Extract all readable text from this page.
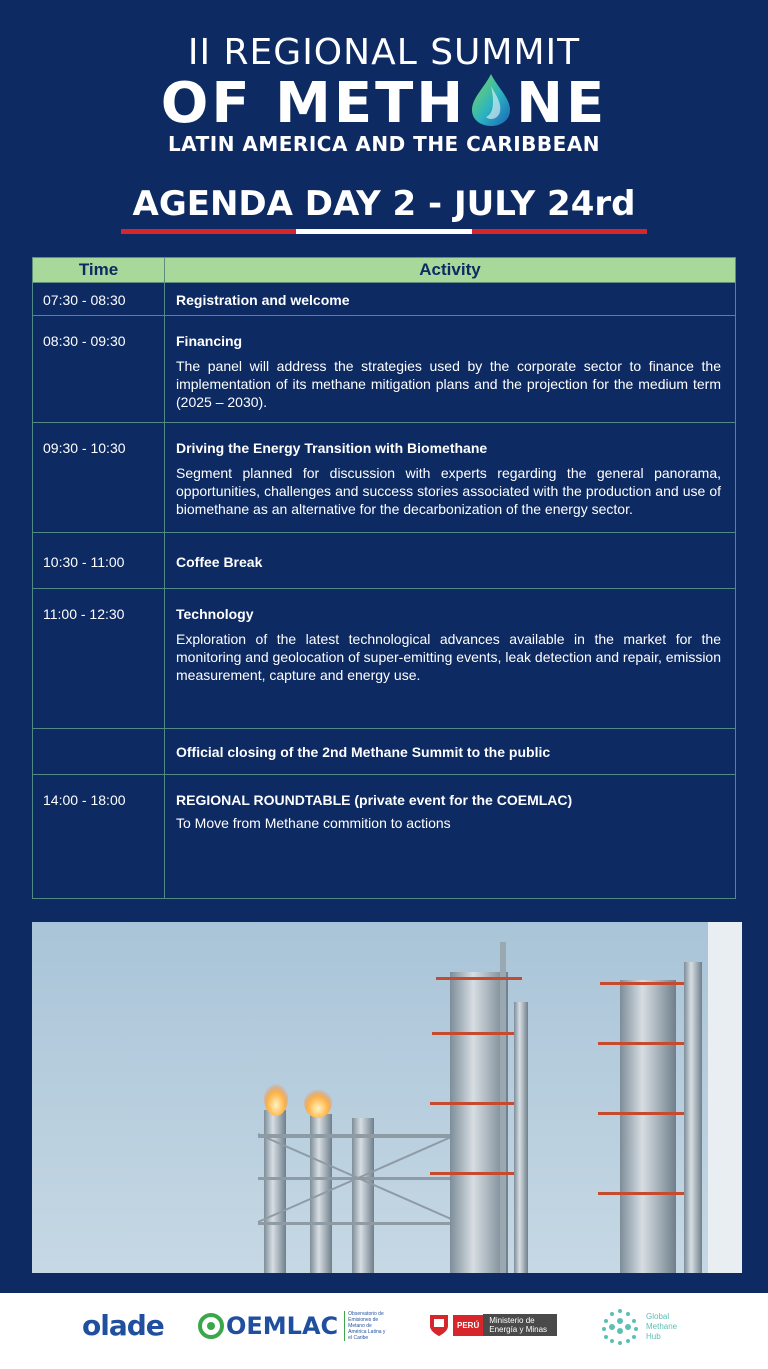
II REGIONAL SUMMIT
OF METH NE
LATIN AMERICA AND THE CARIBBEAN
AGENDA DAY 2 - JULY 24rd
Time	Activity
07:30 - 08:30	Registration and welcome

08:30 - 09:30	Financing
The panel will address the strategies used by the corporate sector to finance the implementation of its methane mitigation plans and the projection for the medium term (2025 – 2030).

09:30 - 10:30	Driving the Energy Transition with Biomethane
Segment planned for discussion with experts regarding the general panorama, opportunities, challenges and success stories associated with the production and use of biomethane as an alternative for the decarbonization of the energy sector.

10:30 - 11:00	Coffee Break

11:00 - 12:30	Technology
Exploration of the latest technological advances available in the market for the monitoring and geolocation of super-emitting events, leak detection and repair, emission measurement, capture and energy use.

	Official closing of the 2nd Methane Summit to the public

14:00 - 18:00	REGIONAL ROUNDTABLE (private event for the COEMLAC)
To Move from Methane commition to actions
olade	OEMLAC	Observatorio de Emisiones de Metano de América Latina y el Caribe
PERÚ	Ministerio de Energía y Minas
Global
Methane
Hub
